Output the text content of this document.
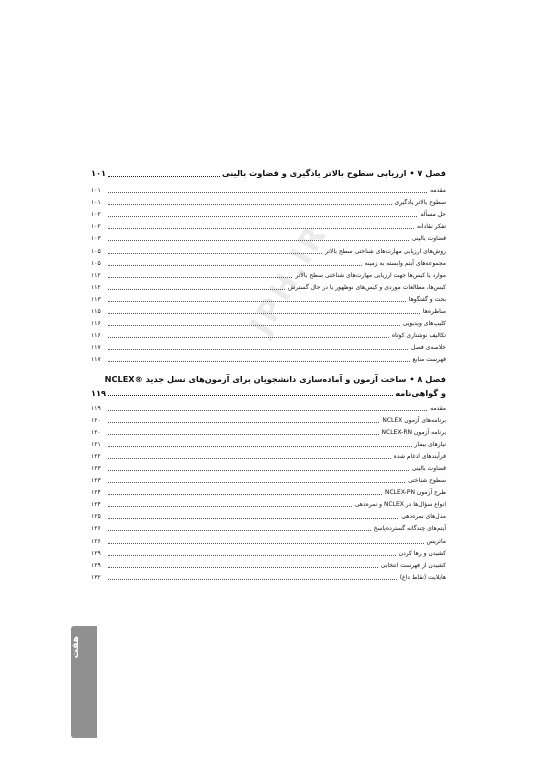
JPH.IR
فصل ۷ • ارزیابی سطوح بالاتر یادگیری و قضاوت بالینی
۱۰۱
مقدمه
۱۰۱
سطوح بالاتر یادگیری
۱۰۱
حل مسأله
۱۰۲
تفکر نقادانه
۱۰۲
قضاوت بالینی
۱۰۳
روش‌های ارزیابی مهارت‌های شناختی سطح بالاتر
۱۰۵
مجموعه‌های آیتم وابسته به زمینه
۱۰۵
موارد یا کیس‌ها جهت ارزیابی مهارت‌های شناختی سطح بالاتر
۱۱۲
کیس‌ها، مطالعات موردی و کیس‌های نوظهور یا در حال گسترش
۱۱۲
بحث و گفتگوها
۱۱۳
مناظره‌ها
۱۱۵
کلیپ‌های ویدیویی
۱۱۶
تکالیف نوشتاری کوتاه
۱۱۶
خلاصه‌ی فصل
۱۱۷
فهرست منابع
۱۱۷
فصل ۸ • ساخت آزمون و آماده‌سازی دانشجویان برای آزمون‌های نسل جدید ®NCLEX
و گواهی‌نامه
۱۱۹
مقدمه
۱۱۹
برنامه‌های آزمون NCLEX
۱۲۰
برنامه آزمون NCLEX-RN
۱۲۰
نیازهای بیمار
۱۲۱
فرآیندهای ادغام شده
۱۲۲
قضاوت بالینی
۱۲۳
سطوح شناختی
۱۲۳
طرح آزمون NCLEX-PN
۱۲۴
انواع سؤال‌ها در NCLEX و نمره‌دهی
۱۲۴
مدل‌های نمره‌دهی
۱۲۵
آیتم‌های چندگانه گسترده‌پاسخ
۱۲۶
ماتریس
۱۲۶
کشیدن و رها کردن
۱۲۹
کشیدن از فهرست انتخابی
۱۲۹
هایلایت (نقاط داغ)
۱۳۲
هفت
